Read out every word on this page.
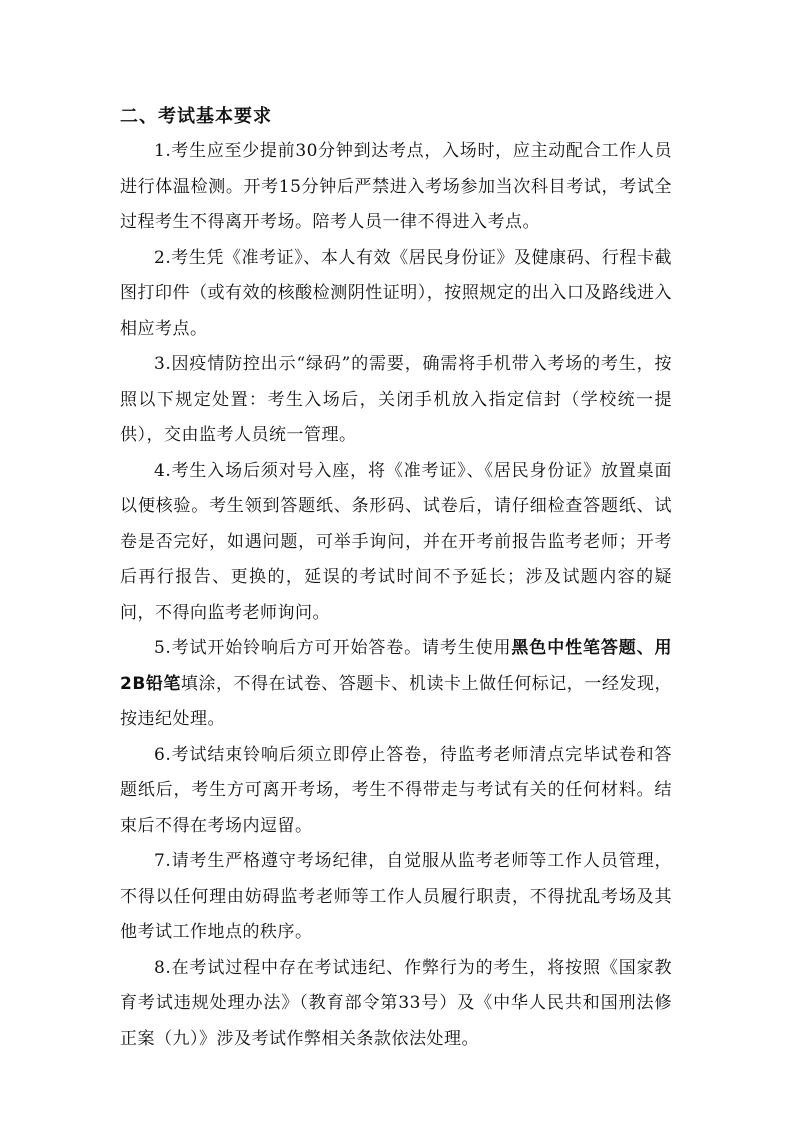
二、考试基本要求

1.考生应至少提前30分钟到达考点，入场时，应主动配合工作人员进行体温检测。开考15分钟后严禁进入考场参加当次科目考试，考试全过程考生不得离开考场。陪考人员一律不得进入考点。

2.考生凭《准考证》、本人有效《居民身份证》及健康码、行程卡截图打印件（或有效的核酸检测阴性证明），按照规定的出入口及路线进入相应考点。

3.因疫情防控出示“绿码”的需要，确需将手机带入考场的考生，按照以下规定处置：考生入场后，关闭手机放入指定信封（学校统一提供），交由监考人员统一管理。

4.考生入场后须对号入座，将《准考证》、《居民身份证》放置桌面以便核验。考生领到答题纸、条形码、试卷后，请仔细检查答题纸、试卷是否完好，如遇问题，可举手询问，并在开考前报告监考老师；开考后再行报告、更换的，延误的考试时间不予延长；涉及试题内容的疑问，不得向监考老师询问。

5.考试开始铃响后方可开始答卷。请考生使用黑色中性笔答题、用2B铅笔填涂，不得在试卷、答题卡、机读卡上做任何标记，一经发现，按违纪处理。

6.考试结束铃响后须立即停止答卷，待监考老师清点完毕试卷和答题纸后，考生方可离开考场，考生不得带走与考试有关的任何材料。结束后不得在考场内逗留。

7.请考生严格遵守考场纪律，自觉服从监考老师等工作人员管理，不得以任何理由妨碍监考老师等工作人员履行职责，不得扰乱考场及其他考试工作地点的秩序。

8.在考试过程中存在考试违纪、作弊行为的考生，将按照《国家教育考试违规处理办法》（教育部令第33号）及《中华人民共和国刑法修正案（九）》涉及考试作弊相关条款依法处理。
